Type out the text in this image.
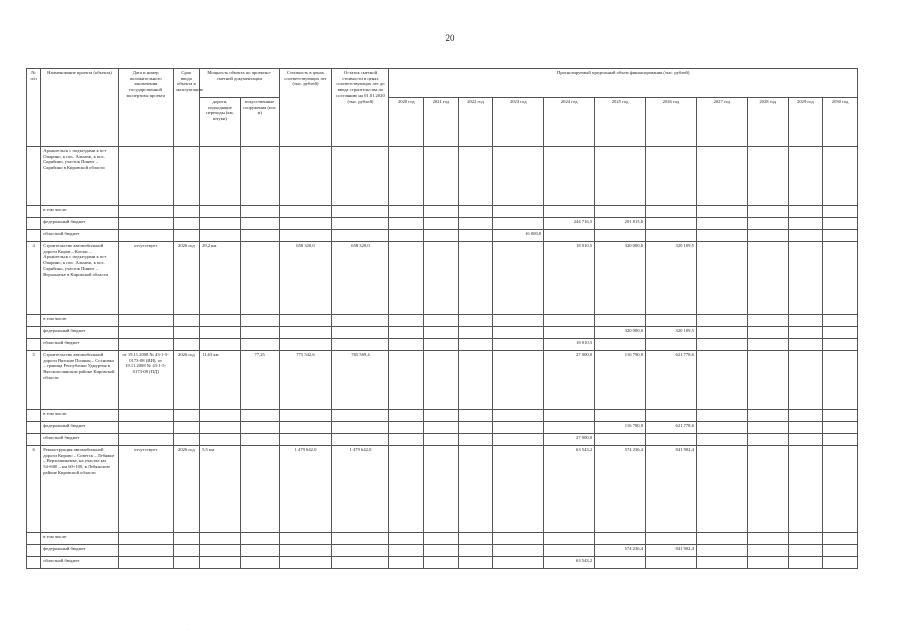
20
№ п/п	Наименование проекта (объекта)	Дата и номер положительного заключения государственной экспертизы проекта	Срок ввода объекта в эксплуатацию	Мощность объекта по проектно-сметной документации		Стоимость в ценах соответствующих лет (тыс. рублей)	Остаток сметной стоимости в ценах соответствующих лет до ввода строительства по состоянию на 01.01.2020 (тыс. рублей)	Прогнозируемый предельный объем финансирования (тыс. рублей)										
				дороги, подходящие переходы (км, штуки)	искусственные сооружения (пог. м)			2020 год	2021 год	2022 год	2023 год	2024 год	2025 год	2026 год	2027 год	2028 год	2029 год	2030 год
	Архангельск с подъездами к пгт Опарино, к пос. Альмеж, к пос. Скрябино, участок Пинюг – Скрябино в Кировской области																	
	в том числе:																	
	федеральный бюджет											244 716,5	201 815,0					
	областной бюджет										16 000,0							
4	Строительство автомобильной дороги Киров – Котлас – Архангельск с подъездами к пгт Опарино, к пос. Альмеж, к пос. Скрябино, участок Пинюг – Верхонизье в Кировской области	отсутствует	2026 год	29,2 км		658 320,0	658 320,0					18 010,5	320 000,0	320 109,5				
	в том числе:																	
	федеральный бюджет												320 000,0	320 109,5				
	областной бюджет											18 010,5						
5	Строительство автомобильной дороги Вятские Поляны – Сосновка – граница Республики Удмуртия в Вятскополянском районе Кировской области	от 19.11.2008 № 43-1-5-0173-08 (ИИ), от 19.11.2008 № 43-1-5-0173-08 (ПД)	2026 год	11,63 км	77,25	775 542,6	765 569,4					27 000,0	116 790,8	621 778,6				
	в том числе:																	
	федеральный бюджет												116 790,8	621 778,6				
	областной бюджет											27 000,0						
6	Реконструкция автомобильной дороги Кирово – Советск – Лебяжье – Верхошижемье, на участке км 54+600 – км 60+100, в Лебяжском районе Кировской области	отсутствует	2026 год	5,5 км		1 479 642,0	1 479 642,0					63 543,2	574 236,4	841 902,4				
	в том числе:																	
	федеральный бюджет												574 236,4	841 902,4				
	областной бюджет											63 543,2						
·
